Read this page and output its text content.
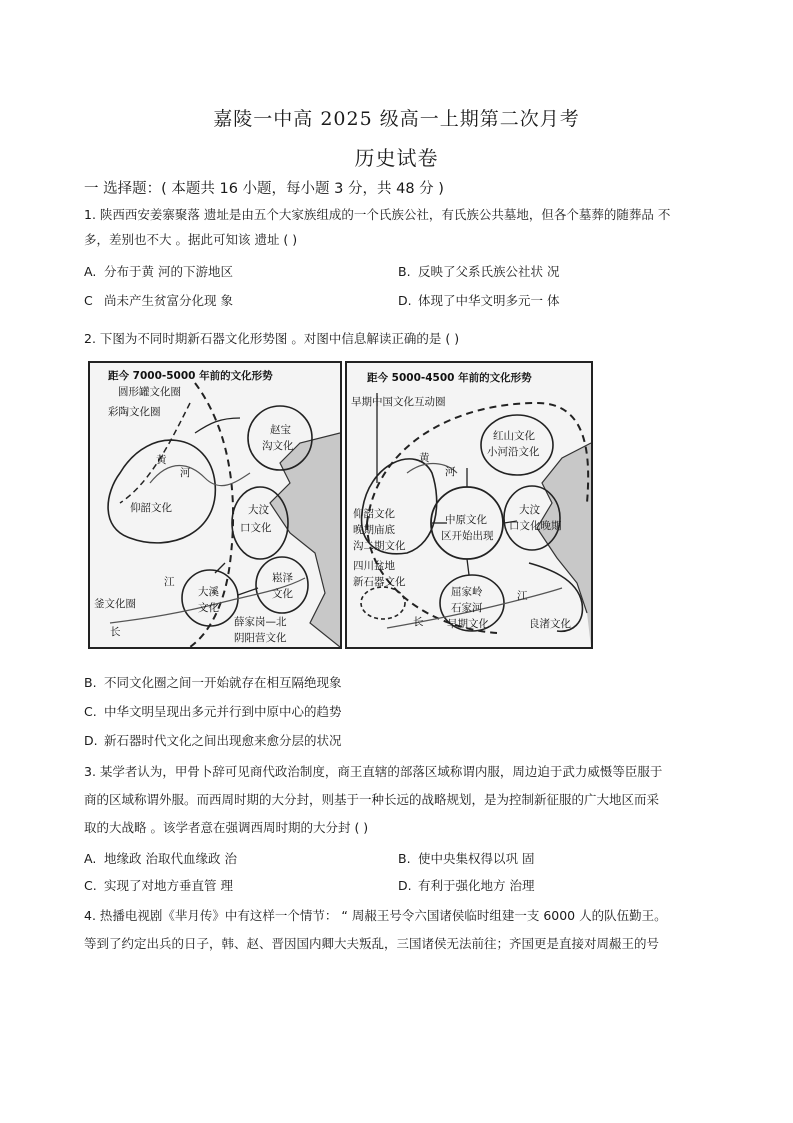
嘉陵一中高 2025 级高一上期第二次月考
历史试卷
一 选择题：( 本题共 16 小题，每小题 3 分，共 48 分 )
1. 陕西西安姜寨聚落 遗址是由五个大家族组成的一个氏族公社，有氏族公共墓地，但各个墓葬的随葬品 不
多，差别也不大 。据此可知该 遗址 ( )
A. 分布于黄 河的下游地区	B. 反映了父系氏族公社状 况
C 尚未产生贫富分化现 象	D. 体现了中华文明多元一 体
2. 下图为不同时期新石器文化形势图 。对图中信息解读正确的是 ( )
距今 7000-5000 年前的文化形势
圆形罐文化圈
彩陶文化圈
赵宝
沟文化
黄
河
仰韶文化	大汶
口文化
江
大溪
文化
崧泽
文化
釜文化圈
薛家岗—北
阴阳营文化
长
距今 5000-4500 年前的文化形势
早期中国文化互动圈
红山文化
小河沿文化
黄
河
仰韶文化
晚期庙底
沟二期文化
中原文化
区开始出现
大汶
口文化晚期
四川盆地
新石器文化
屈家岭
石家河
早期文化
江
长	良渚文化
B. 不同文化圈之间一开始就存在相互隔绝现象
C. 中华文明呈现出多元并行到中原中心的趋势
D. 新石器时代文化之间出现愈来愈分层的状况
3. 某学者认为，甲骨卜辞可见商代政治制度，商王直辖的部落区域称谓内服，周边迫于武力威慑等臣服于
商的区域称谓外服。而西周时期的大分封，则基于一种长远的战略规划，是为控制新征服的广大地区而采
取的大战略 。该学者意在强调西周时期的大分封 ( )
A. 地缘政 治取代血缘政 治	B. 使中央集权得以巩 固
C. 实现了对地方垂直管 理	D. 有利于强化地方 治理
4. 热播电视剧《芈月传》中有这样一个情节： “ 周赧王号令六国诸侯临时组建一支 6000 人的队伍勤王。
等到了约定出兵的日子，韩、赵、晋因国内卿大夫叛乱，三国诸侯无法前往；齐国更是直接对周赧王的号
